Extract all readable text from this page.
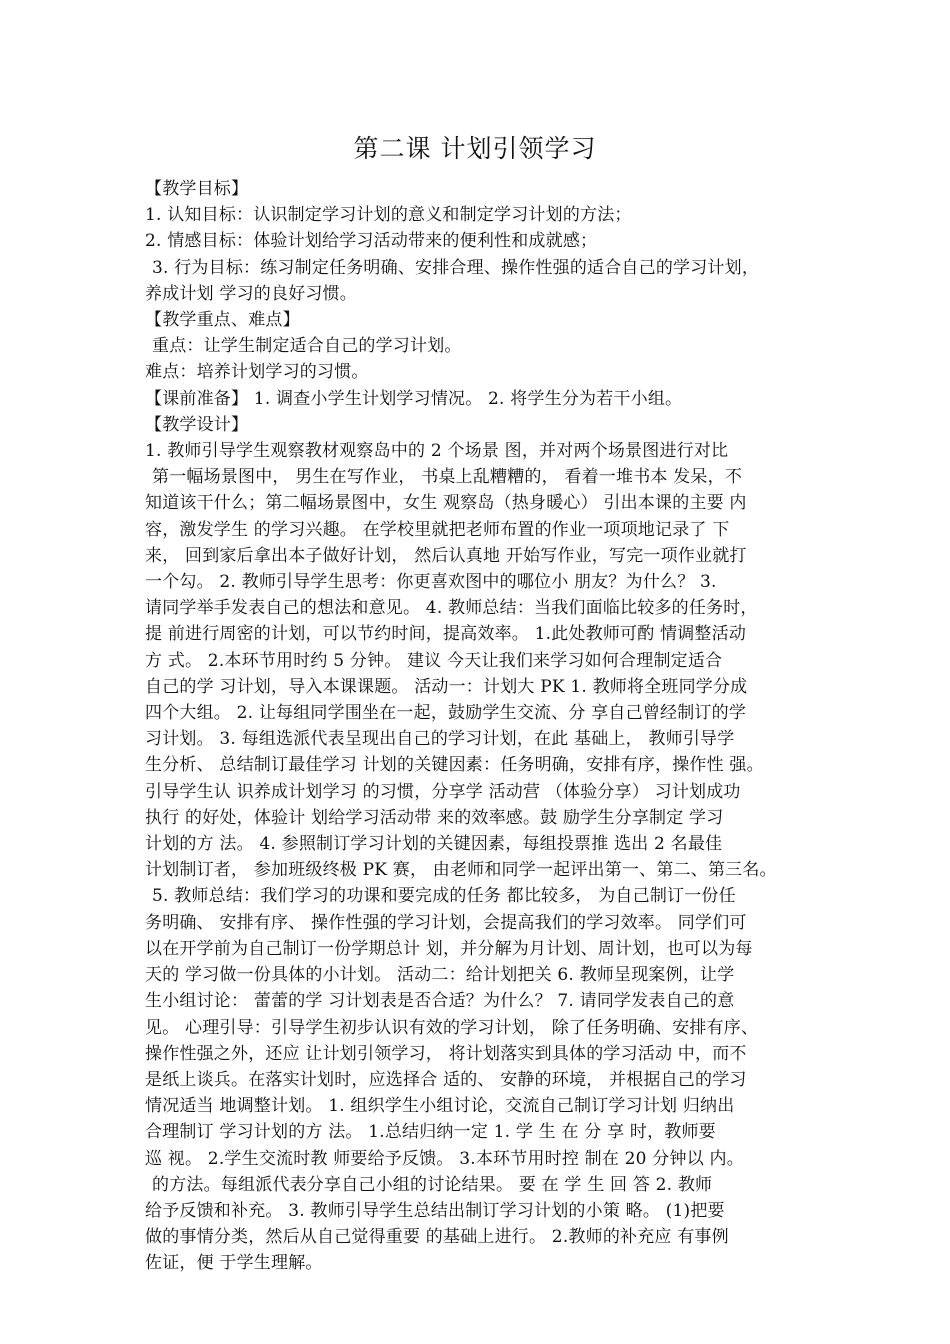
第二课 计划引领学习
【教学目标】
1. 认知目标：认识制定学习计划的意义和制定学习计划的方法；
2. 情感目标：体验计划给学习活动带来的便利性和成就感；
3. 行为目标：练习制定任务明确、安排合理、操作性强的适合自己的学习计划，
养成计划 学习的良好习惯。
【教学重点、难点】
重点：让学生制定适合自己的学习计划。
难点：培养计划学习的习惯。
【课前准备】 1. 调查小学生计划学习情况。 2. 将学生分为若干小组。
【教学设计】
1. 教师引导学生观察教材观察岛中的 2 个场景 图，并对两个场景图进行对比
第一幅场景图中， 男生在写作业， 书桌上乱糟糟的， 看着一堆书本 发呆，不
知道该干什么；第二幅场景图中，女生 观察岛（热身暖心） 引出本课的主要 内
容，激发学生 的学习兴趣。 在学校里就把老师布置的作业一项项地记录了 下
来， 回到家后拿出本子做好计划， 然后认真地 开始写作业，写完一项作业就打
一个勾。 2. 教师引导学生思考：你更喜欢图中的哪位小 朋友？为什么？ 3.
请同学举手发表自己的想法和意见。 4. 教师总结：当我们面临比较多的任务时，
提 前进行周密的计划，可以节约时间，提高效率。 1.此处教师可酌 情调整活动
方 式。 2.本环节用时约 5 分钟。 建议 今天让我们来学习如何合理制定适合
自己的学 习计划，导入本课课题。 活动一：计划大 PK 1. 教师将全班同学分成
四个大组。 2. 让每组同学围坐在一起，鼓励学生交流、分 享自己曾经制订的学
习计划。 3. 每组选派代表呈现出自己的学习计划，在此 基础上， 教师引导学
生分析、 总结制订最佳学习 计划的关键因素：任务明确，安排有序，操作性 强。
引导学生认 识养成计划学习 的习惯，分享学 活动营 （体验分享） 习计划成功
执行 的好处，体验计 划给学习活动带 来的效率感。鼓 励学生分享制定 学习
计划的方 法。 4. 参照制订学习计划的关键因素，每组投票推 选出 2 名最佳
计划制订者， 参加班级终极 PK 赛， 由老师和同学一起评出第一、第二、第三名。
5. 教师总结：我们学习的功课和要完成的任务 都比较多， 为自己制订一份任
务明确、 安排有序、 操作性强的学习计划，会提高我们的学习效率。 同学们可
以在开学前为自己制订一份学期总计 划，并分解为月计划、周计划，也可以为每
天的 学习做一份具体的小计划。 活动二：给计划把关 6. 教师呈现案例，让学
生小组讨论： 蕾蕾的学 习计划表是否合适？为什么？ 7. 请同学发表自己的意
见。 心理引导：引导学生初步认识有效的学习计划， 除了任务明确、安排有序、
操作性强之外，还应 让计划引领学习， 将计划落实到具体的学习活动 中，而不
是纸上谈兵。在落实计划时，应选择合 适的、 安静的环境， 并根据自己的学习
情况适当 地调整计划。 1. 组织学生小组讨论，交流自己制订学习计划 归纳出
合理制订 学习计划的方 法。 1.总结归纳一定 1. 学 生 在 分 享 时，教师要
巡 视。 2.学生交流时教 师要给予反馈。 3.本环节用时控 制在 20 分钟以 内。
的方法。每组派代表分享自己小组的讨论结果。 要 在 学 生 回 答 2. 教师
给予反馈和补充。 3. 教师引导学生总结出制订学习计划的小策 略。 (1)把要
做的事情分类，然后从自己觉得重要 的基础上进行。 2.教师的补充应 有事例
佐证，便 于学生理解。
